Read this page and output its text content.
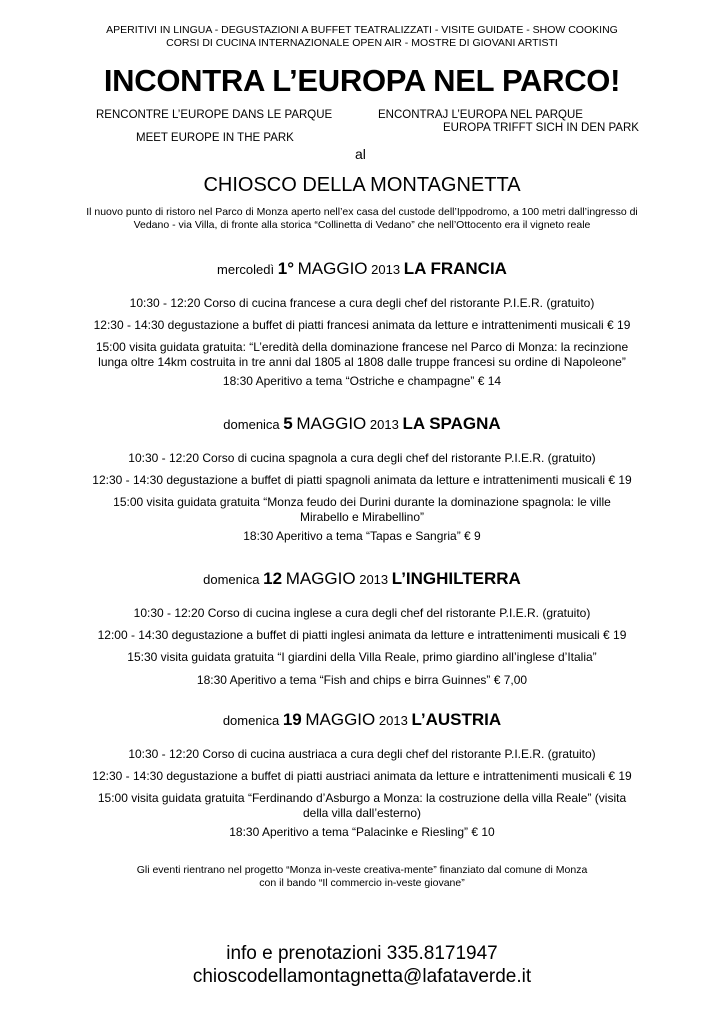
APERITIVI IN LINGUA - DEGUSTAZIONI A BUFFET TEATRALIZZATI - VISITE GUIDATE - SHOW COOKING
CORSI DI CUCINA INTERNAZIONALE OPEN AIR - MOSTRE DI GIOVANI ARTISTI
INCONTRA L’EUROPA NEL PARCO!
RENCONTRE L’EUROPE DANS LE PARQUE	ENCONTRAJ L’EUROPA NEL PARQUE
EUROPA TRIFFT SICH IN DEN PARK
MEET EUROPE IN THE PARK
al
CHIOSCO DELLA MONTAGNETTA
Il nuovo punto di ristoro nel Parco di Monza aperto nell’ex casa del custode dell’Ippodromo, a 100 metri dall’ingresso di
Vedano - via Villa, di fronte alla storica “Collinetta di Vedano” che nell’Ottocento era il vigneto reale
mercoledì 1° MAGGIO 2013 LA FRANCIA
10:30 - 12:20 Corso di cucina francese a cura degli chef del ristorante P.I.E.R. (gratuito)
12:30 - 14:30 degustazione a buffet di piatti francesi animata da letture e intrattenimenti musicali € 19
15:00 visita guidata gratuita: “L’eredità della dominazione francese nel Parco di Monza: la recinzione
lunga oltre 14km costruita in tre anni dal 1805 al 1808 dalle truppe francesi su ordine di Napoleone”
18:30 Aperitivo a tema “Ostriche e champagne” € 14
domenica 5 MAGGIO 2013 LA SPAGNA
10:30 - 12:20 Corso di cucina spagnola a cura degli chef del ristorante P.I.E.R. (gratuito)
12:30 - 14:30 degustazione a buffet di piatti spagnoli animata da letture e intrattenimenti musicali € 19
15:00 visita guidata gratuita “Monza feudo dei Durini durante la dominazione spagnola: le ville
Mirabello e Mirabellino”
18:30 Aperitivo a tema “Tapas e Sangria” € 9
domenica 12 MAGGIO 2013 L’INGHILTERRA
10:30 - 12:20 Corso di cucina inglese a cura degli chef del ristorante P.I.E.R. (gratuito)
12:00 - 14:30 degustazione a buffet di piatti inglesi animata da letture e intrattenimenti musicali € 19
15:30 visita guidata gratuita “I giardini della Villa Reale, primo giardino all’inglese d’Italia”
18:30 Aperitivo a tema “Fish and chips e birra Guinnes” € 7,00
domenica 19 MAGGIO 2013 L’AUSTRIA
10:30 - 12:20 Corso di cucina austriaca a cura degli chef del ristorante P.I.E.R. (gratuito)
12:30 - 14:30 degustazione a buffet di piatti austriaci animata da letture e intrattenimenti musicali € 19
15:00 visita guidata gratuita “Ferdinando d’Asburgo a Monza: la costruzione della villa Reale” (visita
della villa dall’esterno)
18:30 Aperitivo a tema “Palacinke e Riesling” € 10
Gli eventi rientrano nel progetto “Monza in-veste creativa-mente” finanziato dal comune di Monza
con il bando “Il commercio in-veste giovane”
info e prenotazioni 335.8171947
chioscodellamontagnetta@lafataverde.it
